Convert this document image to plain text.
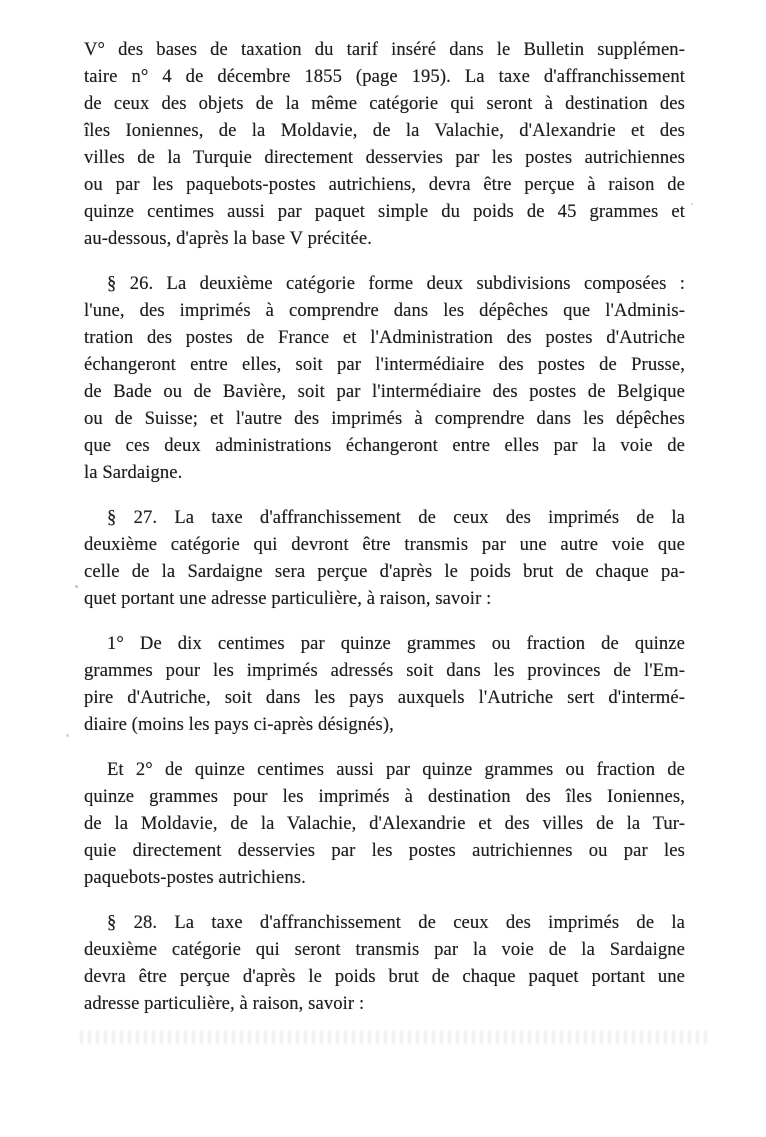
V° des bases de taxation du tarif inséré dans le Bulletin supplémen-
taire n° 4 de décembre 1855 (page 195). La taxe d'affranchissement
de ceux des objets de la même catégorie qui seront à destination des
îles Ioniennes, de la Moldavie, de la Valachie, d'Alexandrie et des
villes de la Turquie directement desservies par les postes autrichiennes
ou par les paquebots-postes autrichiens, devra être perçue à raison de
quinze centimes aussi par paquet simple du poids de 45 grammes et
au-dessous, d'après la base V précitée.
§ 26. La deuxième catégorie forme deux subdivisions composées :
l'une, des imprimés à comprendre dans les dépêches que l'Adminis-
tration des postes de France et l'Administration des postes d'Autriche
échangeront entre elles, soit par l'intermédiaire des postes de Prusse,
de Bade ou de Bavière, soit par l'intermédiaire des postes de Belgique
ou de Suisse; et l'autre des imprimés à comprendre dans les dépêches
que ces deux administrations échangeront entre elles par la voie de
la Sardaigne.
§ 27. La taxe d'affranchissement de ceux des imprimés de la
deuxième catégorie qui devront être transmis par une autre voie que
celle de la Sardaigne sera perçue d'après le poids brut de chaque pa-
quet portant une adresse particulière, à raison, savoir :
1° De dix centimes par quinze grammes ou fraction de quinze
grammes pour les imprimés adressés soit dans les provinces de l'Em-
pire d'Autriche, soit dans les pays auxquels l'Autriche sert d'intermé-
diaire (moins les pays ci-après désignés),
Et 2° de quinze centimes aussi par quinze grammes ou fraction de
quinze grammes pour les imprimés à destination des îles Ioniennes,
de la Moldavie, de la Valachie, d'Alexandrie et des villes de la Tur-
quie directement desservies par les postes autrichiennes ou par les
paquebots-postes autrichiens.
§ 28. La taxe d'affranchissement de ceux des imprimés de la
deuxième catégorie qui seront transmis par la voie de la Sardaigne
devra être perçue d'après le poids brut de chaque paquet portant une
adresse particulière, à raison, savoir :
